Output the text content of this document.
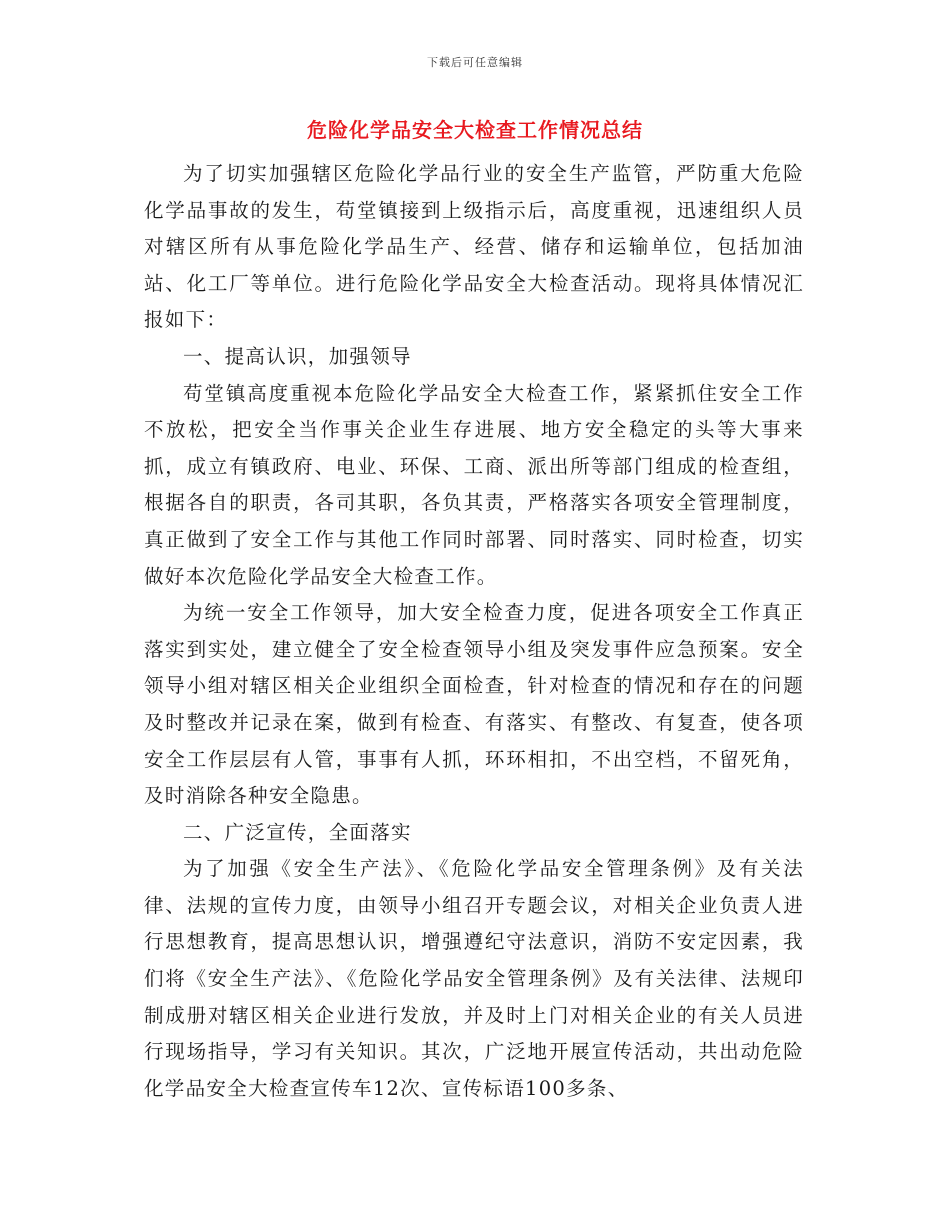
下载后可任意编辑
危险化学品安全大检查工作情况总结

为了切实加强辖区危险化学品行业的安全生产监管，严防重大危险化学品事故的发生，苟堂镇接到上级指示后，高度重视，迅速组织人员对辖区所有从事危险化学品生产、经营、储存和运输单位，包括加油站、化工厂等单位。进行危险化学品安全大检查活动。现将具体情况汇报如下：

一、提高认识，加强领导

苟堂镇高度重视本危险化学品安全大检查工作，紧紧抓住安全工作不放松，把安全当作事关企业生存进展、地方安全稳定的头等大事来抓，成立有镇政府、电业、环保、工商、派出所等部门组成的检查组，根据各自的职责，各司其职，各负其责，严格落实各项安全管理制度，真正做到了安全工作与其他工作同时部署、同时落实、同时检查，切实做好本次危险化学品安全大检查工作。

为统一安全工作领导，加大安全检查力度，促进各项安全工作真正落实到实处，建立健全了安全检查领导小组及突发事件应急预案。安全领导小组对辖区相关企业组织全面检查，针对检查的情况和存在的问题及时整改并记录在案，做到有检查、有落实、有整改、有复查，使各项安全工作层层有人管，事事有人抓，环环相扣，不出空档，不留死角，及时消除各种安全隐患。

二、广泛宣传，全面落实

为了加强《安全生产法》、《危险化学品安全管理条例》及有关法律、法规的宣传力度，由领导小组召开专题会议，对相关企业负责人进行思想教育，提高思想认识，增强遵纪守法意识，消防不安定因素，我们将《安全生产法》、《危险化学品安全管理条例》及有关法律、法规印制成册对辖区相关企业进行发放，并及时上门对相关企业的有关人员进行现场指导，学习有关知识。其次，广泛地开展宣传活动，共出动危险化学品安全大检查宣传车12次、宣传标语100多条、
